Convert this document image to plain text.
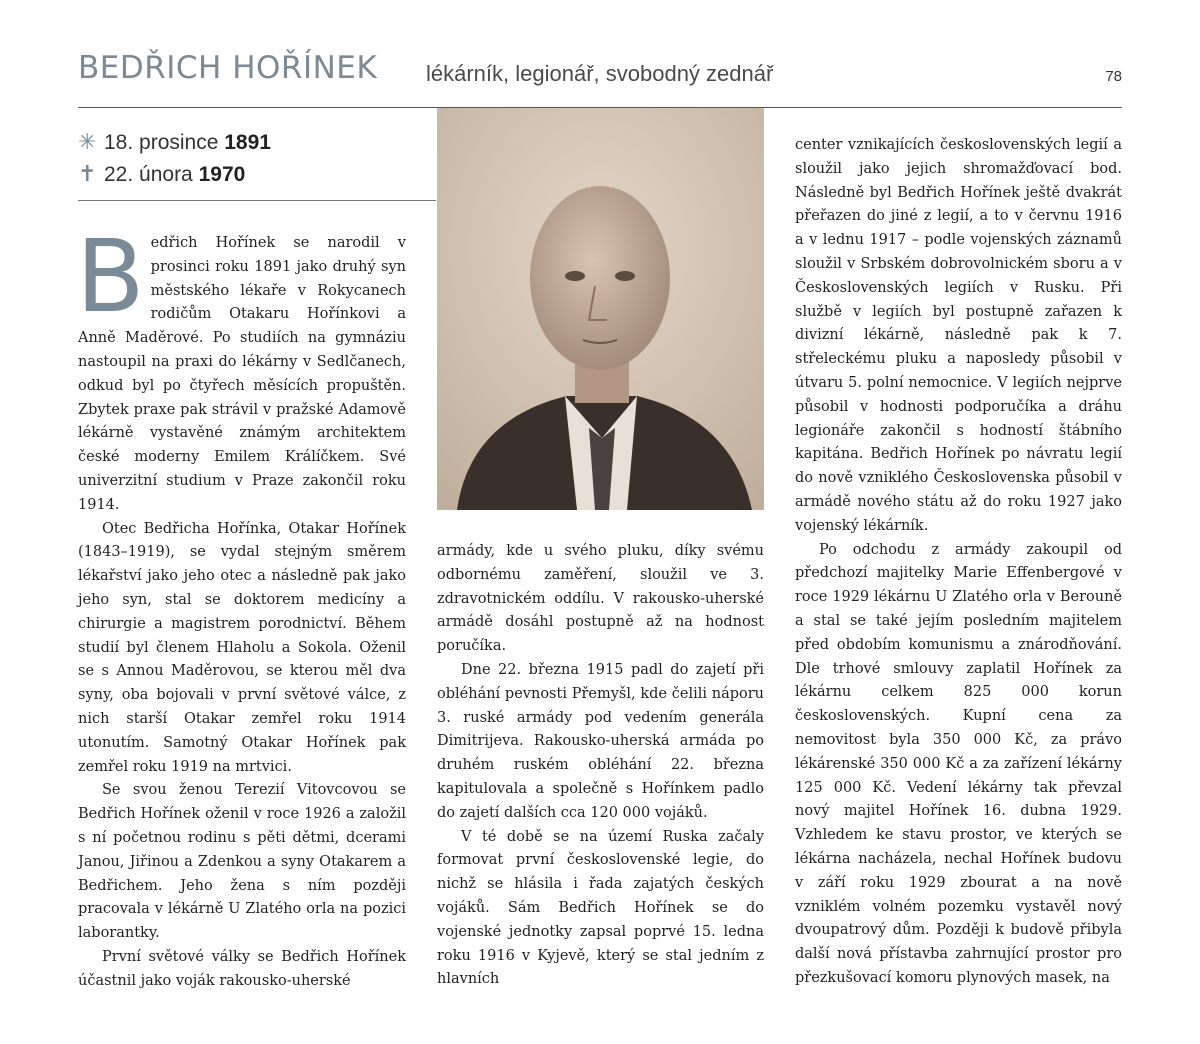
BEDŘICH HOŘÍNEK lékárník, legionář, svobodný zednář	78
✳ 18. prosince 1891
✝ 22. února 1970

Bedřich Hořínek se narodil v prosinci roku 1891 jako druhý syn městského lékaře v Rokycanech rodičům Otakaru Hořínkovi a Anně Maděrové. Po studiích na gymnáziu nastoupil na praxi do lékárny v Sedlčanech, odkud byl po čtyřech měsících propuštěn. Zbytek praxe pak strávil v pražské Adamově lékárně vystavěné známým architektem české moderny Emilem Králíčkem. Své univerzitní studium v Praze zakončil roku 1914.

Otec Bedřicha Hořínka, Otakar Hořínek (1843–1919), se vydal stejným směrem lékařství jako jeho otec a následně pak jako jeho syn, stal se doktorem medicíny a chirurgie a magistrem porodnictví. Během studií byl členem Hlaholu a Sokola. Oženil se s Annou Maděrovou, se kterou měl dva syny, oba bojovali v první světové válce, z nich starší Otakar zemřel roku 1914 utonutím. Samotný Otakar Hořínek pak zemřel roku 1919 na mrtvici.

Se svou ženou Terezií Vitovcovou se Bedřich Hořínek oženil v roce 1926 a založil s ní početnou rodinu s pěti dětmi, dcerami Janou, Jiřinou a Zdenkou a syny Otakarem a Bedřichem. Jeho žena s ním později pracovala v lékárně U Zlatého orla na pozici laborantky.

První světové války se Bedřich Hořínek účastnil jako voják rakousko-uherské

armády, kde u svého pluku, díky svému odbornému zaměření, sloužil ve 3. zdravotnickém oddílu. V rakousko-uherské armádě dosáhl postupně až na hodnost poručíka.

Dne 22. března 1915 padl do zajetí při obléhání pevnosti Přemyšl, kde čelili náporu 3. ruské armády pod vedením generála Dimitrijeva. Rakousko-uherská armáda po druhém ruském obléhání 22. března kapitulovala a společně s Hořínkem padlo do zajetí dalších cca 120 000 vojáků.

V té době se na území Ruska začaly formovat první československé legie, do nichž se hlásila i řada zajatých českých vojáků. Sám Bedřich Hořínek se do vojenské jednotky zapsal poprvé 15. ledna roku 1916 v Kyjevě, který se stal jedním z hlavních

center vznikajících československých legií a sloužil jako jejich shromažďovací bod. Následně byl Bedřich Hořínek ještě dvakrát přeřazen do jiné z legií, a to v červnu 1916 a v lednu 1917 – podle vojenských záznamů sloužil v Srbském dobrovolnickém sboru a v Československých legiích v Rusku. Při službě v legiích byl postupně zařazen k divizní lékárně, následně pak k 7. střeleckému pluku a naposledy působil v útvaru 5. polní nemocnice. V legiích nejprve působil v hodnosti podporučíka a dráhu legionáře zakončil s hodností štábního kapitána. Bedřich Hořínek po návratu legií do nově vzniklého Československa působil v armádě nového státu až do roku 1927 jako vojenský lékárník.

Po odchodu z armády zakoupil od předchozí majitelky Marie Effenbergové v roce 1929 lékárnu U Zlatého orla v Berouně a stal se také jejím posledním majitelem před obdobím komunismu a znárodňování. Dle trhové smlouvy zaplatil Hořínek za lékárnu celkem 825 000 korun československých. Kupní cena za nemovitost byla 350 000 Kč, za právo lékárenské 350 000 Kč a za zařízení lékárny 125 000 Kč. Vedení lékárny tak převzal nový majitel Hořínek 16. dubna 1929. Vzhledem ke stavu prostor, ve kterých se lékárna nacházela, nechal Hořínek budovu v září roku 1929 zbourat a na nově vzniklém volném pozemku vystavěl nový dvoupatrový dům. Později k budově přibyla další nová přístavba zahrnující prostor pro přezkušovací komoru plynových masek, na
